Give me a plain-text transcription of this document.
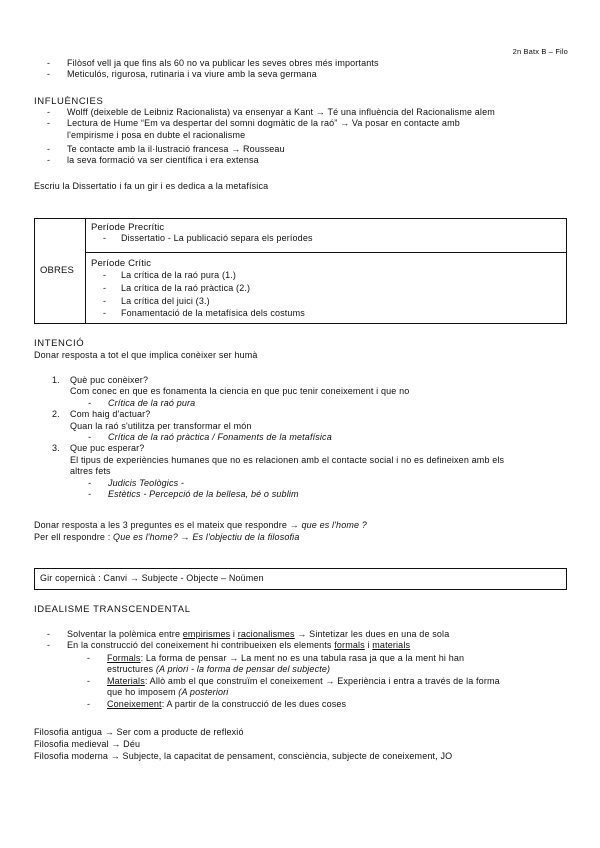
2n Batx B – Filo
- Filòsof vell ja que fins als 60 no va publicar les seves obres més importants
- Meticulós, rigurosa, rutinaria i va viure amb la seva germana
INFLUÈNCIES
- Wolff (deixeble de Leibniz Racionalista) va ensenyar a Kant → Té una influència del Racionalisme alem
- Lectura de Hume “Em va despertar del somni dogmàtic de la raó” → Va posar en contacte amb
l'empirisme i posa en dubte el racionalisme
- Te contacte amb la il·lustració francesa → Rousseau
- la seva formació va ser científica i era extensa
Escriu la Dissertatio i fa un gir i es dedica a la metafísica
OBRES	
Període Precrític
- Dissertatio - La publicació separa els períodes

Període Crític
- La crítica de la raó pura (1.)
- La crítica de la raó pràctica (2.)
- La crítica del juici (3.)
- Fonamentació de la metafísica dels costums
INTENCIÓ
Donar resposta a tot el que implica conèixer ser humà
1. Què puc conèixer?
Com conec en que es fonamenta la ciencia en que puc tenir coneixement i que no
- Crítica de la raó pura
2. Com haig d'actuar?
Quan la raó s'utilitza per transformar el món
- Crítica de la raó pràctica / Fonaments de la metafísica
3. Que puc esperar?
El tipus de experiències humanes que no es relacionen amb el contacte social i no es defineixen amb els
altres fets
- Judicis Teològics -
- Estètics - Percepció de la bellesa, bé o sublim
Donar resposta a les 3 preguntes es el mateix que respondre → que es l'home ?
Per ell respondre : Que es l'home? → Es l'objectiu de la filosofia
Gir copernicà : Canvi → Subjecte - Objecte – Noümen
IDEALISME TRANSCENDENTAL
- Solventar la polèmica entre empirismes i racionalismes → Sintetizar les dues en una de sola
- En la construcció del coneixement hi contribueixen els elements formals i materials
- Formals: La forma de pensar → La ment no es una tabula rasa ja que a la ment hi han
estructures (A priori - la forma de pensar del subjecte)
- Materials: Allò amb el que construïm el coneixement → Experiència i entra a través de la forma
que ho imposem (A posteriori
- Coneixement: A partir de la construcció de les dues coses
Filosofia antigua → Ser com a producte de reflexió
Filosofia medieval → Déu
Filosofia moderna → Subjecte, la capacitat de pensament, consciència, subjecte de coneixement, JO
